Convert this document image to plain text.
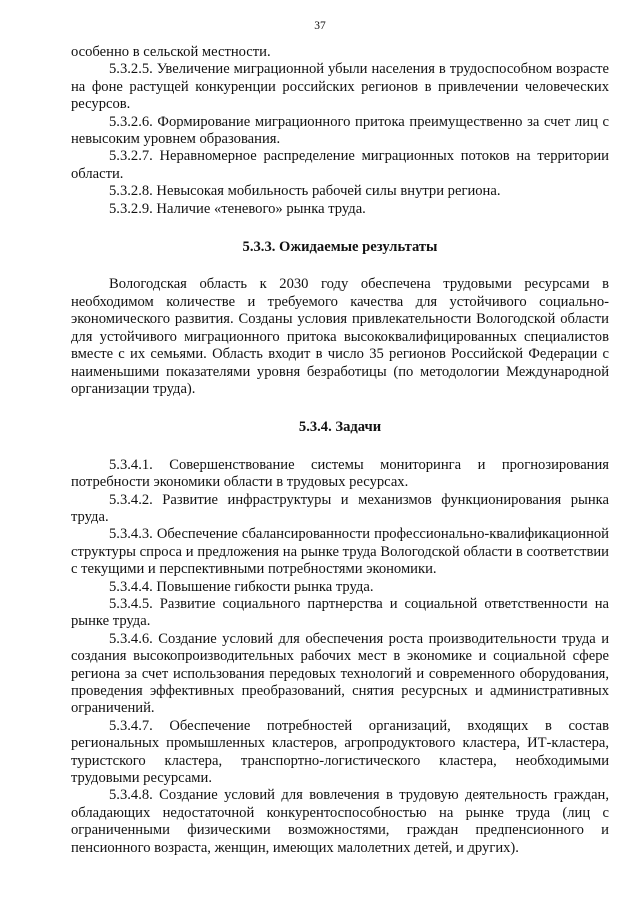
37

особенно в сельской местности.

5.3.2.5. Увеличение миграционной убыли населения в трудоспособном возрасте на фоне растущей конкуренции российских регионов в привлечении человеческих ресурсов.

5.3.2.6. Формирование миграционного притока преимущественно за счет лиц с невысоким уровнем образования.

5.3.2.7. Неравномерное распределение миграционных потоков на территории области.

5.3.2.8. Невысокая мобильность рабочей силы внутри региона.

5.3.2.9. Наличие «теневого» рынка труда.

5.3.3. Ожидаемые результаты

Вологодская область к 2030 году обеспечена трудовыми ресурсами в необходимом количестве и требуемого качества для устойчивого социально-экономического развития. Созданы условия привлекательности Вологодской области для устойчивого миграционного притока высококвалифицированных специалистов вместе с их семьями. Область входит в число 35 регионов Российской Федерации с наименьшими показателями уровня безработицы (по методологии Международной организации труда).

5.3.4. Задачи

5.3.4.1. Совершенствование системы мониторинга и прогнозирования потребности экономики области в трудовых ресурсах.

5.3.4.2. Развитие инфраструктуры и механизмов функционирования рынка труда.

5.3.4.3. Обеспечение сбалансированности профессионально-квалификационной структуры спроса и предложения на рынке труда Вологодской области в соответствии с текущими и перспективными потребностями экономики.

5.3.4.4. Повышение гибкости рынка труда.

5.3.4.5. Развитие социального партнерства и социальной ответственности на рынке труда.

5.3.4.6. Создание условий для обеспечения роста производительности труда и создания высокопроизводительных рабочих мест в экономике и социальной сфере региона за счет использования передовых технологий и современного оборудования, проведения эффективных преобразований, снятия ресурсных и административных ограничений.

5.3.4.7. Обеспечение потребностей организаций, входящих в состав региональных промышленных кластеров, агропродуктового кластера, ИТ-кластера, туристского кластера, транспортно-логистического кластера, необходимыми трудовыми ресурсами.

5.3.4.8. Создание условий для вовлечения в трудовую деятельность граждан, обладающих недостаточной конкурентоспособностью на рынке труда (лиц с ограниченными физическими возможностями, граждан предпенсионного и пенсионного возраста, женщин, имеющих малолетних детей, и других).
